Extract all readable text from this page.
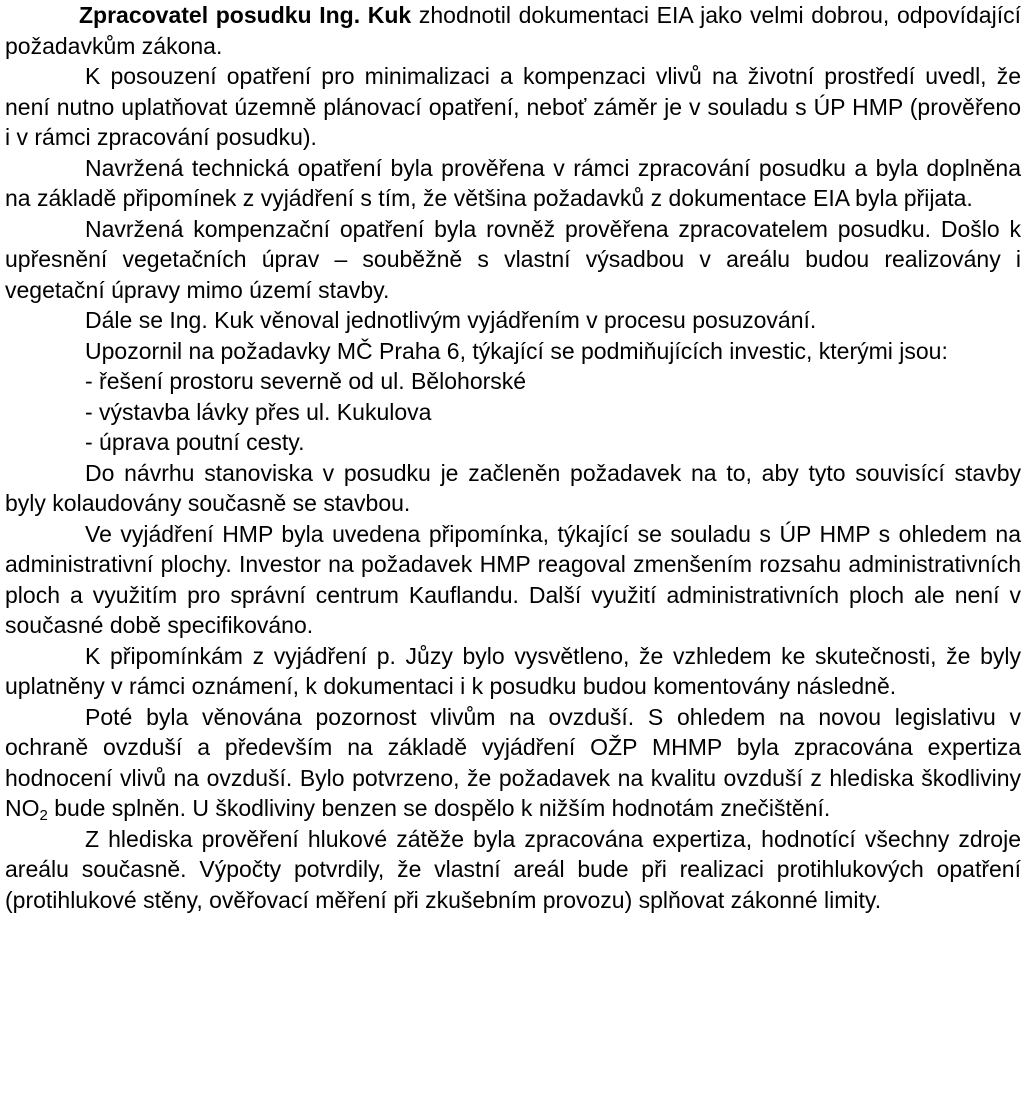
Zpracovatel posudku Ing. Kuk zhodnotil dokumentaci EIA jako velmi dobrou, odpovídající požadavkům zákona.

K posouzení opatření pro minimalizaci a kompenzaci vlivů na životní prostředí uvedl, že není nutno uplatňovat územně plánovací opatření, neboť záměr je v souladu s ÚP HMP (prověřeno i v rámci zpracování posudku).

Navržená technická opatření byla prověřena v rámci zpracování posudku a byla doplněna na základě připomínek z vyjádření s tím, že většina požadavků z dokumentace EIA byla přijata.

Navržená kompenzační opatření byla rovněž prověřena zpracovatelem posudku. Došlo k upřesnění vegetačních úprav – souběžně s vlastní výsadbou v areálu budou realizovány i vegetační úpravy mimo území stavby.

Dále se Ing. Kuk věnoval jednotlivým vyjádřením v procesu posuzování.

Upozornil na požadavky MČ Praha 6, týkající se podmiňujících investic, kterými jsou:

- řešení prostoru severně od ul. Bělohorské

- výstavba lávky přes ul. Kukulova

- úprava poutní cesty.

Do návrhu stanoviska v posudku je začleněn požadavek na to, aby tyto souvisící stavby byly kolaudovány současně se stavbou.

Ve vyjádření HMP byla uvedena připomínka, týkající se souladu s ÚP HMP s ohledem na administrativní plochy. Investor na požadavek HMP reagoval zmenšením rozsahu administrativních ploch a využitím pro správní centrum Kauflandu. Další využití administrativních ploch ale není v současné době specifikováno.

K připomínkám z vyjádření p. Jůzy bylo vysvětleno, že vzhledem ke skutečnosti, že byly uplatněny v rámci oznámení, k dokumentaci i k posudku budou komentovány následně.

Poté byla věnována pozornost vlivům na ovzduší. S ohledem na novou legislativu v ochraně ovzduší a především na základě vyjádření OŽP MHMP byla zpracována expertiza hodnocení vlivů na ovzduší. Bylo potvrzeno, že požadavek na kvalitu ovzduší z hlediska škodliviny $NO_2$ bude splněn. U škodliviny benzen se dospělo k nižším hodnotám znečištění.

Z hlediska prověření hlukové zátěže byla zpracována expertiza, hodnotící všechny zdroje areálu současně. Výpočty potvrdily, že vlastní areál bude při realizaci protihlukových opatření (protihlukové stěny, ověřovací měření při zkušebním provozu) splňovat zákonné limity.
